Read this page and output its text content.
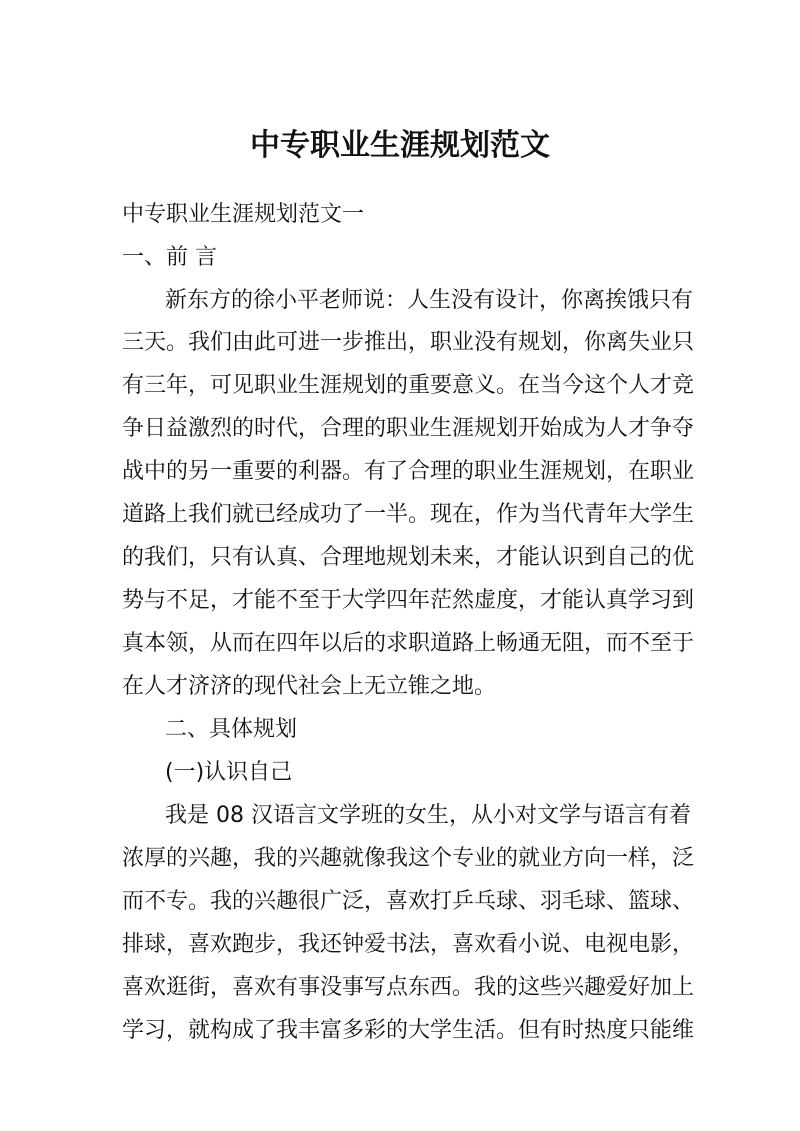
中专职业生涯规划范文

中专职业生涯规划范文一

一、前 言

新东方的徐小平老师说：人生没有设计，你离挨饿只有

三天。我们由此可进一步推出，职业没有规划，你离失业只

有三年，可见职业生涯规划的重要意义。在当今这个人才竞

争日益激烈的时代，合理的职业生涯规划开始成为人才争夺

战中的另一重要的利器。有了合理的职业生涯规划，在职业

道路上我们就已经成功了一半。现在，作为当代青年大学生

的我们，只有认真、合理地规划未来，才能认识到自己的优

势与不足，才能不至于大学四年茫然虚度，才能认真学习到

真本领，从而在四年以后的求职道路上畅通无阻，而不至于

在人才济济的现代社会上无立锥之地。

二、具体规划

(一)认识自己

我是 08 汉语言文学班的女生，从小对文学与语言有着

浓厚的兴趣，我的兴趣就像我这个专业的就业方向一样，泛

而不专。我的兴趣很广泛，喜欢打乒乓球、羽毛球、篮球、

排球，喜欢跑步，我还钟爱书法，喜欢看小说、电视电影，

喜欢逛街，喜欢有事没事写点东西。我的这些兴趣爱好加上

学习，就构成了我丰富多彩的大学生活。但有时热度只能维
